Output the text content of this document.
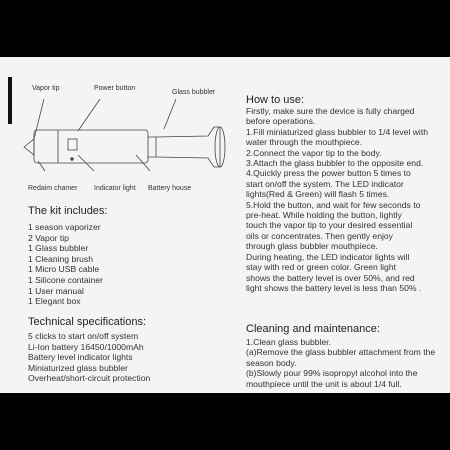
Vapor tip	Power button
Glass bubbler
Redaim chamer Indicator light Battery house
The kit includes:
1 season vaporizer
2 Vapor tip
1 Glass bubbler
1 Cleaning brush
1 Micro USB cable
1 Silicone container
1 User manual
1 Elegant box
Technical specifications:
5 clicks to start on/off system
Li-Ion battery 16450/1000mAh
Battery level indicator lights
Miniaturized glass bubbler
Overheat/short-circuit protection
How to use:
Firstly, make sure the device is fully charged
before operations.
1.Fill miniaturized glass bubbler to 1/4 level with
water through the mouthpiece.
2.Connect the vapor tip to the body.
3.Attach the glass bubbler to the opposite end.
4.Quickly press the power button 5 times to
start on/off the system. The LED indicator
lights(Red & Green) will flash 5 times.
5.Hold the button, and wait for few seconds to
pre-heat. While holding the button, lightly
touch the vapor tip to your desired essential
oils or concentrates. Then gently enjoy
through glass bubbler mouthpiece.
During heating, the LED indicator lights will
stay with red or green color. Green light
shows the battery level is over 50%, and red
light shows the battery level is less than 50% .
Cleaning and maintenance:
1.Clean glass bubbler.
(a)Remove the glass bubbler attachment from the
season body.
(b)Slowly pour 99% isopropyl alcohol into the
mouthpiece until the unit is about 1/4 full.
